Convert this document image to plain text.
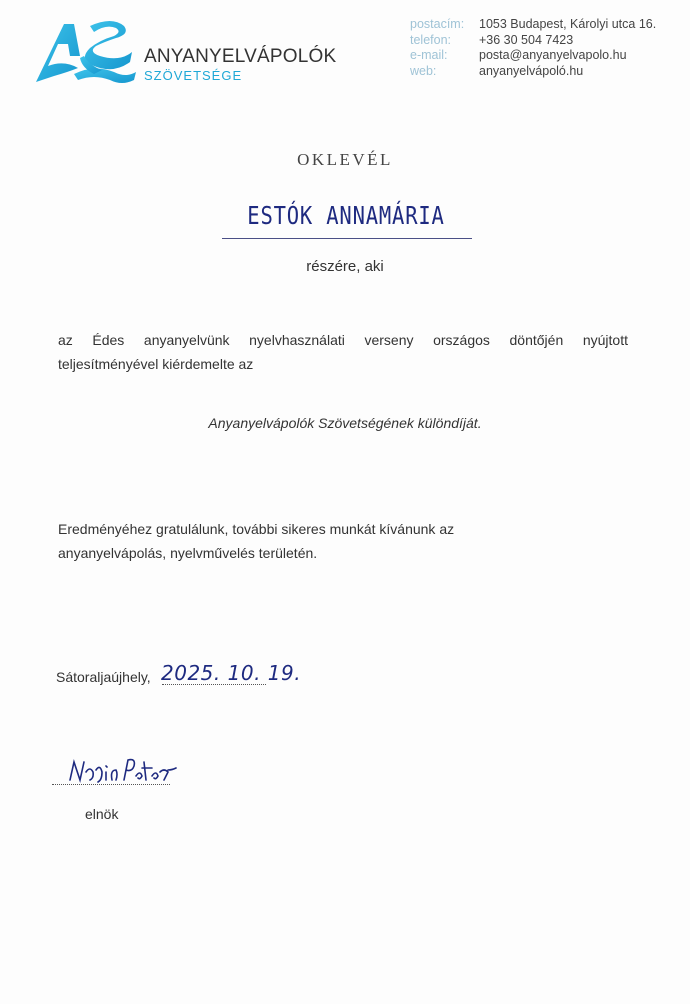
ANYANYELVÁPOLÓK
SZÖVETSÉGE
postacím:	1053 Budapest, Károlyi utca 16.
telefon:	+36 30 504 7423
e-mail:	posta@anyanyelvapolo.hu
web:	anyanyelvápoló.hu
OKLEVÉL
ESTÓK ANNAMÁRIA
részére, aki
az Édes anyanyelvünk nyelvhasználati verseny országos döntőjén nyújtott
teljesítményével kiérdemelte az
Anyanyelvápolók Szövetségének különdíját.
Eredményéhez gratulálunk, további sikeres munkát kívánunk az
anyanyelvápolás, nyelvművelés területén.
Sátoraljaújhely, 2025. 10. 19.
elnök
